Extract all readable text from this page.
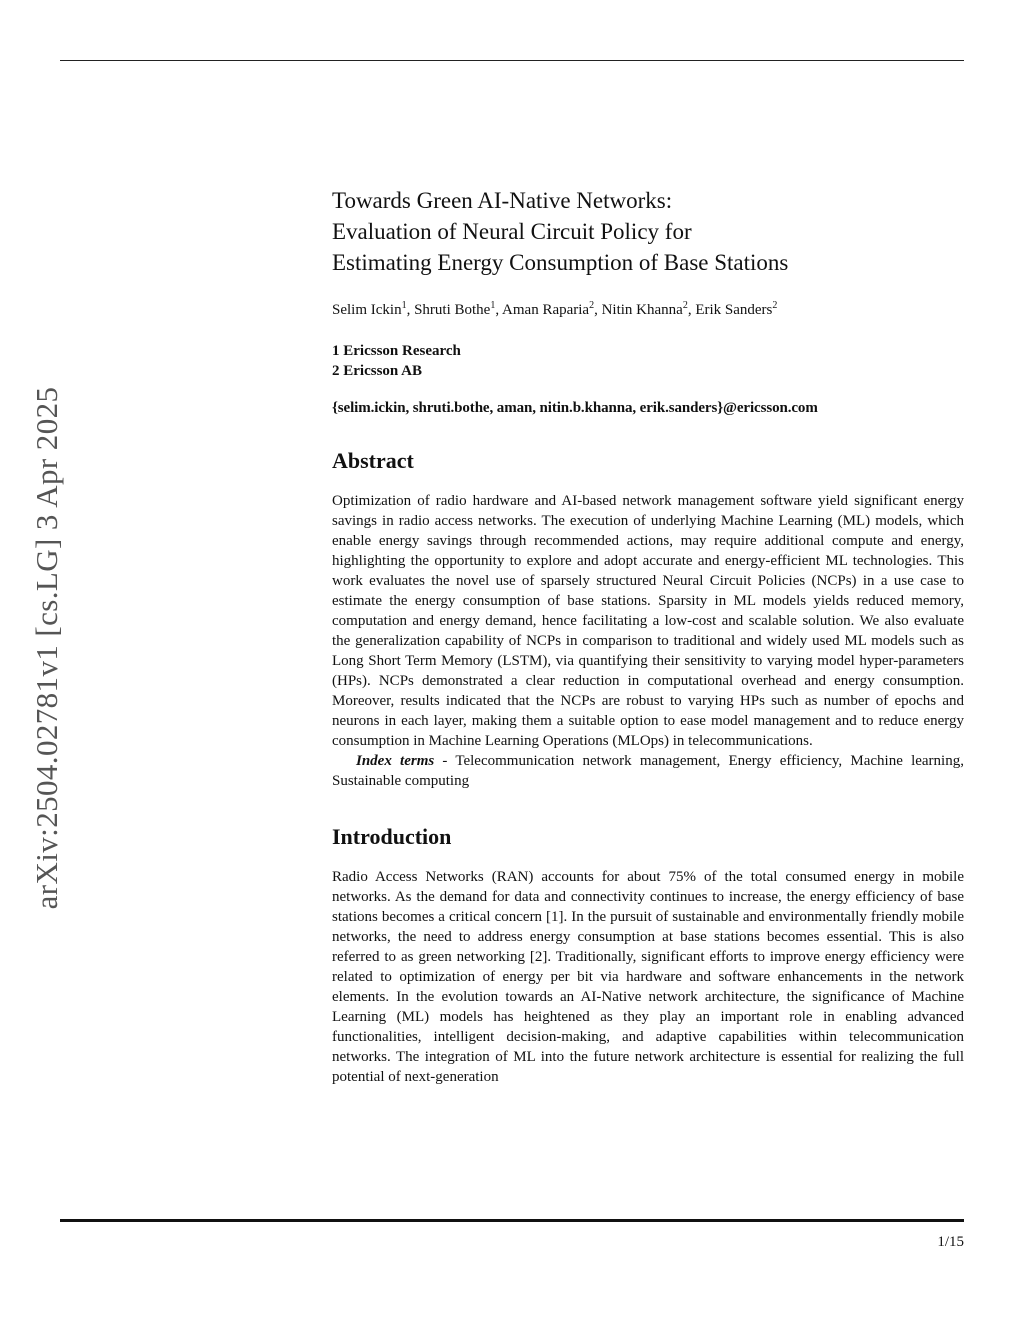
arXiv:2504.02781v1 [cs.LG] 3 Apr 2025
Towards Green AI-Native Networks:
Evaluation of Neural Circuit Policy for
Estimating Energy Consumption of Base Stations
Selim Ickin$^1$, Shruti Bothe$^1$, Aman Raparia$^2$, Nitin Khanna$^2$, Erik Sanders$^2$
1 Ericsson Research
2 Ericsson AB
{selim.ickin, shruti.bothe, aman, nitin.b.khanna, erik.sanders}@ericsson.com
Abstract

Optimization of radio hardware and AI-based network management software yield significant energy savings in radio access networks. The execution of underlying Machine Learning (ML) models, which enable energy savings through recommended actions, may require additional compute and energy, highlighting the opportunity to explore and adopt accurate and energy-efficient ML technologies. This work evaluates the novel use of sparsely structured Neural Circuit Policies (NCPs) in a use case to estimate the energy consumption of base stations. Sparsity in ML models yields reduced memory, computation and energy demand, hence facilitating a low-cost and scalable solution. We also evaluate the generalization capability of NCPs in comparison to traditional and widely used ML models such as Long Short Term Memory (LSTM), via quantifying their sensitivity to varying model hyper-parameters (HPs). NCPs demonstrated a clear reduction in computational overhead and energy consumption. Moreover, results indicated that the NCPs are robust to varying HPs such as number of epochs and neurons in each layer, making them a suitable option to ease model management and to reduce energy consumption in Machine Learning Operations (MLOps) in telecommunications.

Index terms - Telecommunication network management, Energy efficiency, Machine learning, Sustainable computing

Introduction

Radio Access Networks (RAN) accounts for about 75% of the total consumed energy in mobile networks. As the demand for data and connectivity continues to increase, the energy efficiency of base stations becomes a critical concern [1]. In the pursuit of sustainable and environmentally friendly mobile networks, the need to address energy consumption at base stations becomes essential. This is also referred to as green networking [2]. Traditionally, significant efforts to improve energy efficiency were related to optimization of energy per bit via hardware and software enhancements in the network elements. In the evolution towards an AI-Native network architecture, the significance of Machine Learning (ML) models has heightened as they play an important role in enabling advanced functionalities, intelligent decision-making, and adaptive capabilities within telecommunication networks. The integration of ML into the future network architecture is essential for realizing the full potential of next-generation

1/15
